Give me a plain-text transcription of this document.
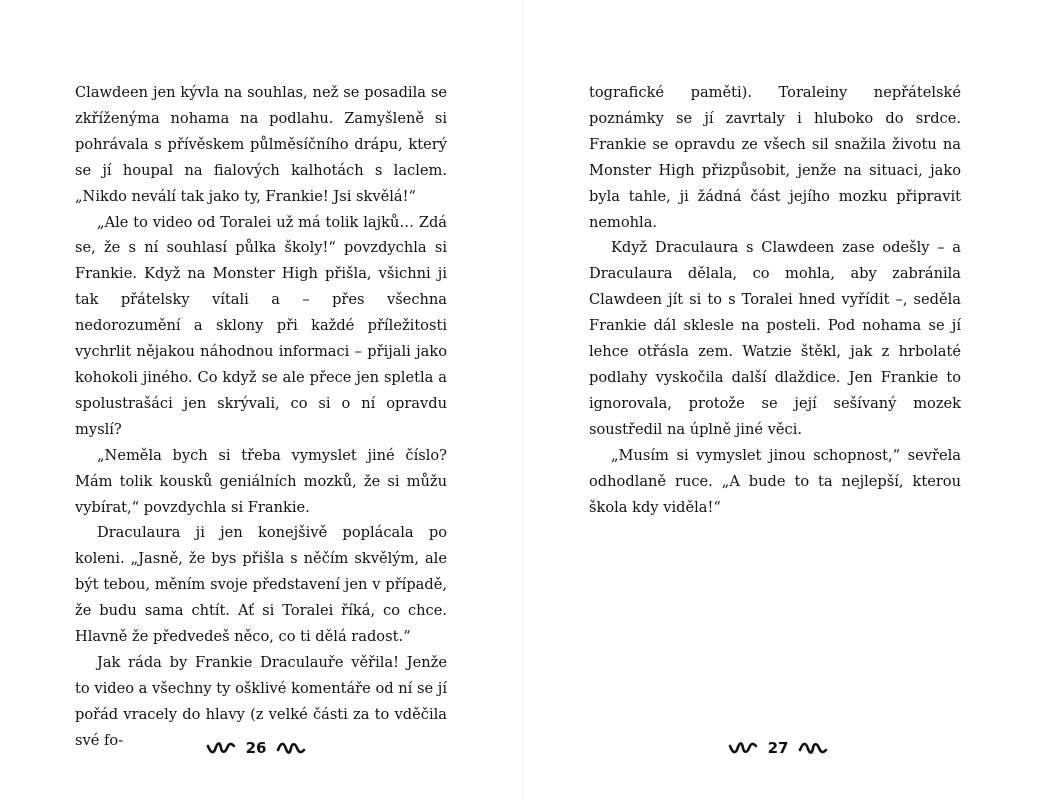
Clawdeen jen kývla na souhlas, než se posadila se zkříženýma nohama na podlahu. Zamyšleně si pohrávala s přívěskem půlměsíčního drápu, který se jí houpal na fialových kalhotách s laclem. „Nikdo neválí tak jako ty, Frankie! Jsi skvělá!“

„Ale to video od Toralei už má tolik lajků… Zdá se, že s ní souhlasí půlka školy!“ povzdychla si Frankie. Když na Monster High přišla, všichni ji tak přátelsky vítali a – přes všechna nedorozumění a sklony při každé příležitosti vychrlit nějakou náhodnou informaci – přijali jako kohokoli jiného. Co když se ale přece jen spletla a spolustrašáci jen skrývali, co si o ní opravdu myslí?

„Neměla bych si třeba vymyslet jiné číslo? Mám tolik kousků geniálních mozků, že si můžu vybírat,“ povzdychla si Frankie.

Draculaura ji jen konejšivě poplácala po koleni. „Jasně, že bys přišla s něčím skvělým, ale být tebou, měním svoje představení jen v případě, že budu sama chtít. Ať si Toralei říká, co chce. Hlavně že předvedeš něco, co ti dělá radost.“

Jak ráda by Frankie Draculauře věřila! Jenže to video a všechny ty ošklivé komentáře od ní se jí pořád vracely do hlavy (z velké části za to vděčila své fo-	26

tografické paměti). Toraleiny nepřátelské poznámky se jí zavrtaly i hluboko do srdce. Frankie se opravdu ze všech sil snažila životu na Monster High přizpůsobit, jenže na situaci, jako byla tahle, ji žádná část jejího mozku připravit nemohla.

Když Draculaura s Clawdeen zase odešly – a Draculaura dělala, co mohla, aby zabránila Clawdeen jít si to s Toralei hned vyřídit –, seděla Frankie dál sklesle na posteli. Pod nohama se jí lehce otřásla zem. Watzie štěkl, jak z hrbolaté podlahy vyskočila další dlaždice. Jen Frankie to ignorovala, protože se její sešívaný mozek soustředil na úplně jiné věci.

„Musím si vymyslet jinou schopnost,“ sevřela odhodlaně ruce. „A bude to ta nejlepší, kterou škola kdy viděla!“

27
